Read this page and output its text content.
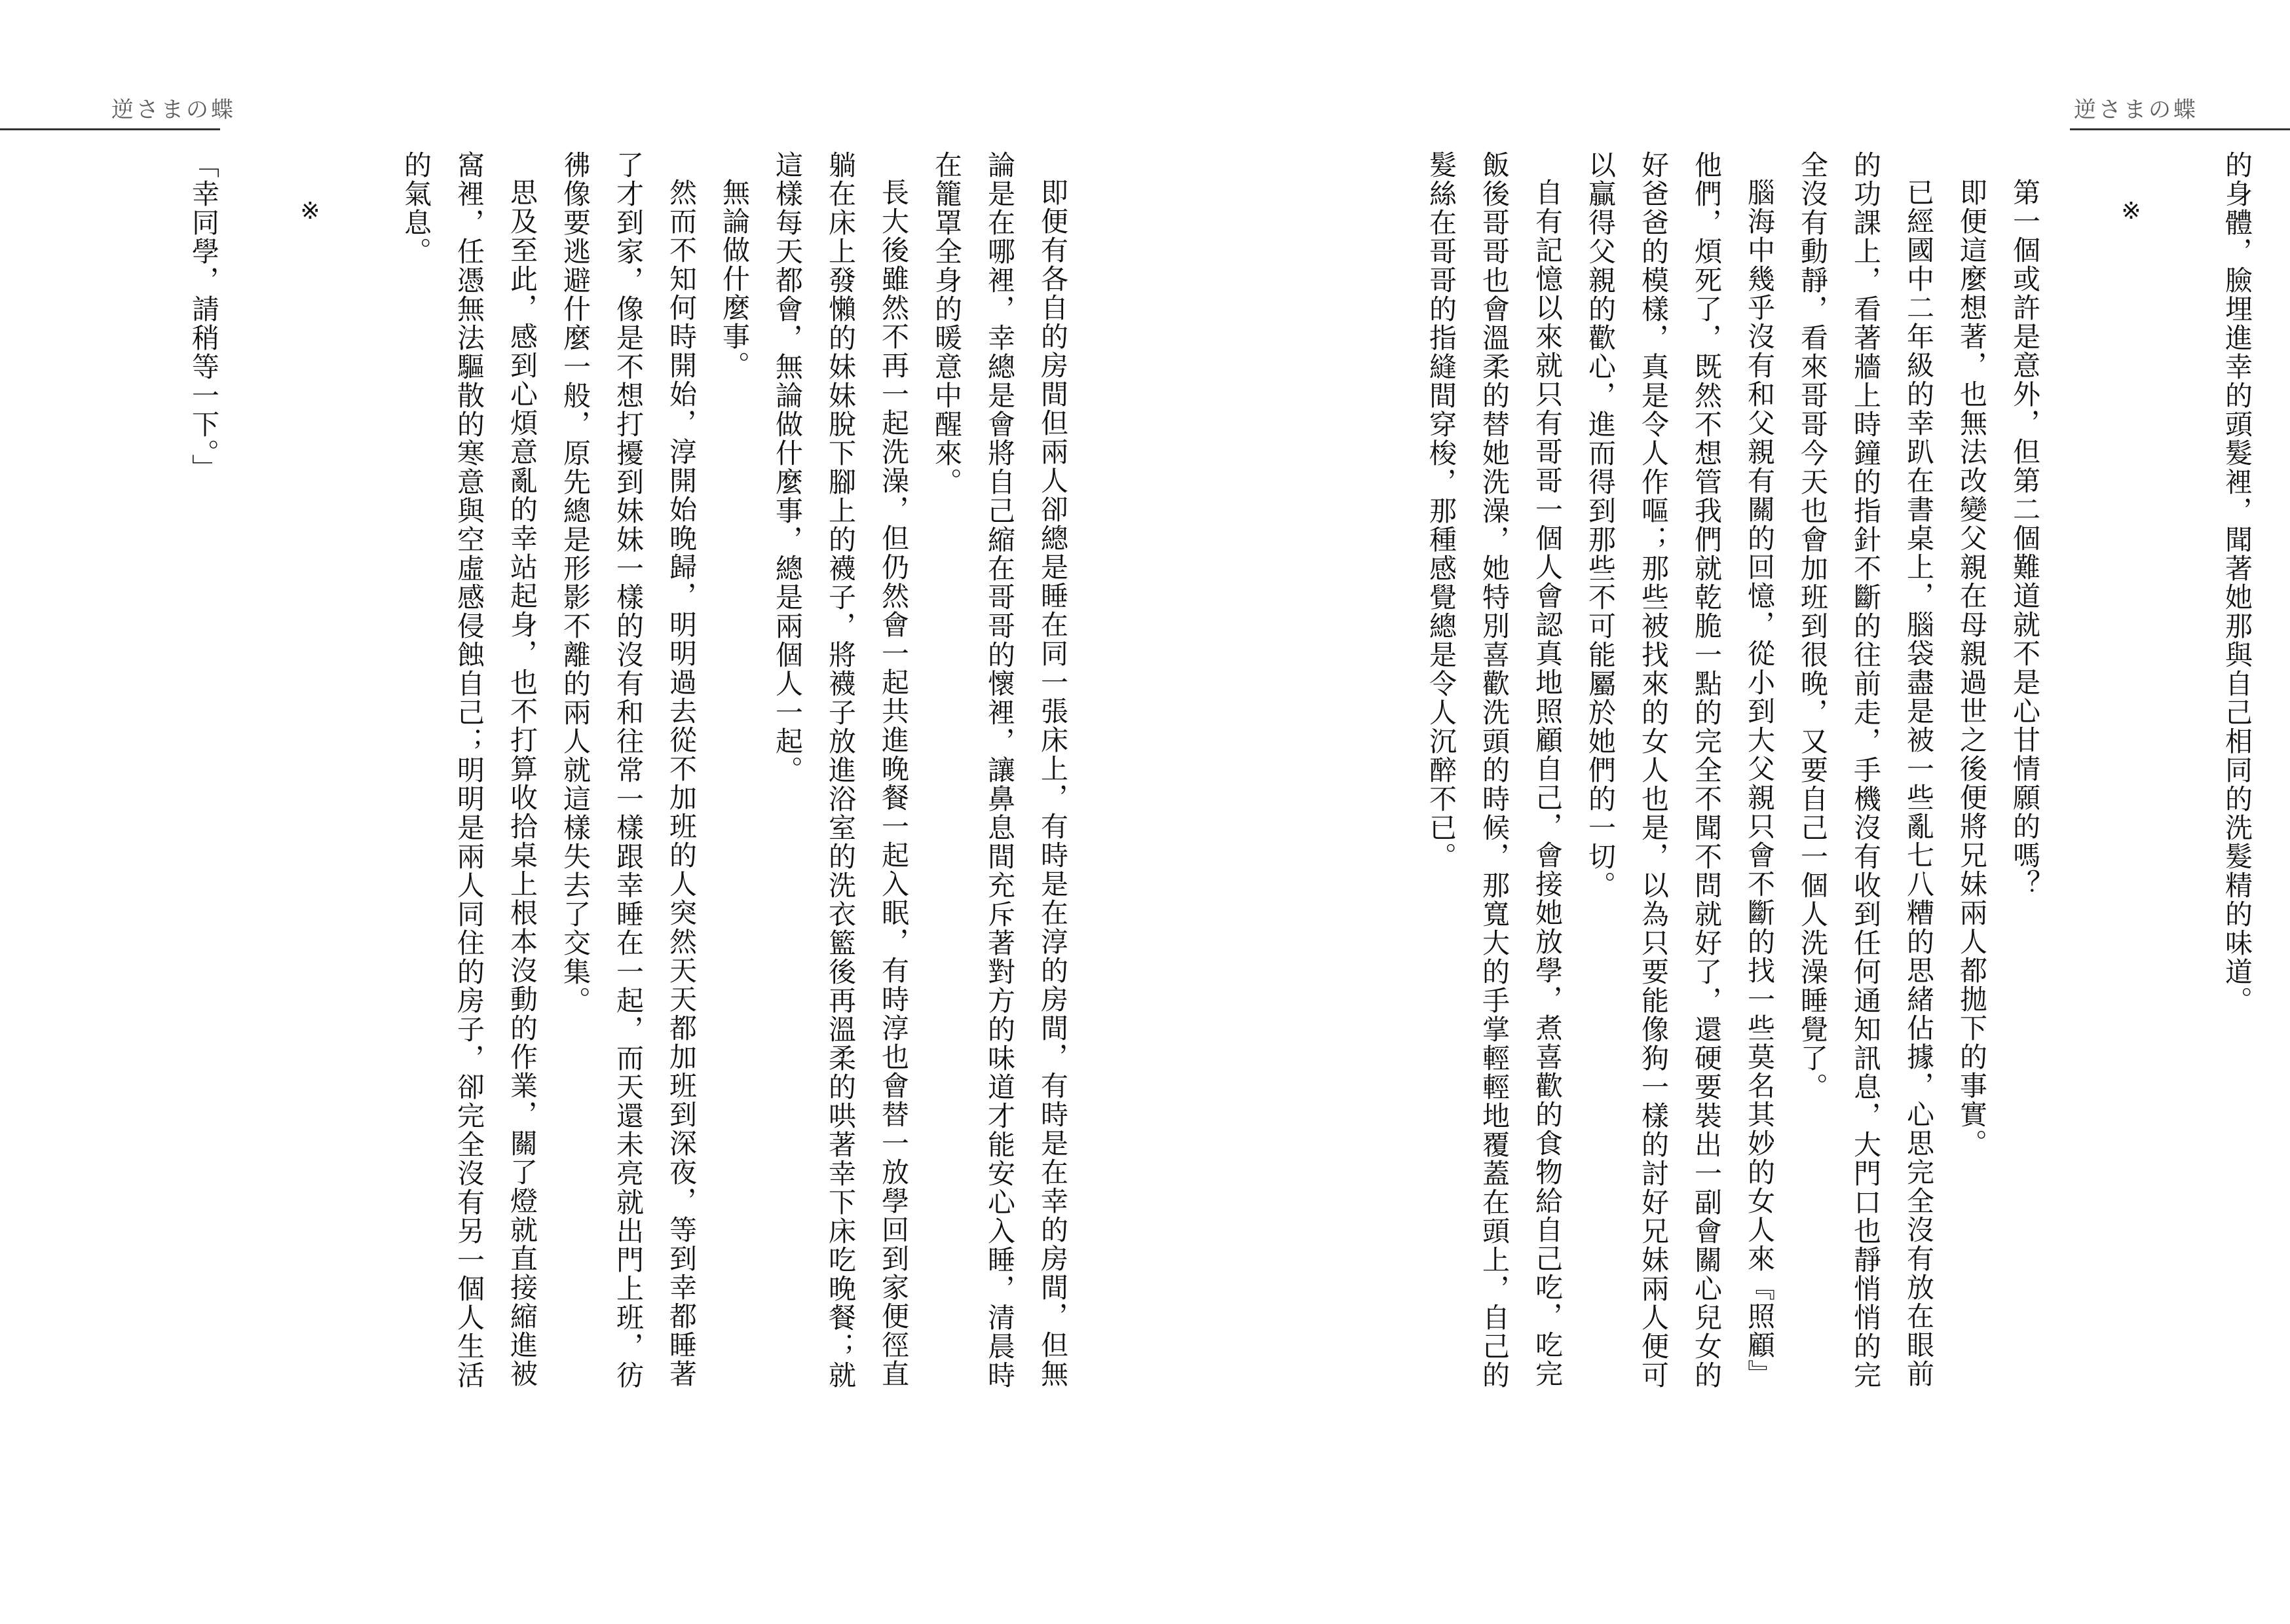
逆さまの蝶

的身體，臉埋進幸的頭髮裡，聞著她那與自己相同的洗髮精的味道。

※

第一個或許是意外，但第二個難道就不是心甘情願的嗎？

即便這麼想著，也無法改變父親在母親過世之後便將兄妹兩人都拋下的事實。

已經國中二年級的幸趴在書桌上，腦袋盡是被一些亂七八糟的思緒佔據，心思完全沒有放在眼前的功課上，看著牆上時鐘的指針不斷的往前走，手機沒有收到任何通知訊息，大門口也靜悄悄的完全沒有動靜，看來哥哥今天也會加班到很晚，又要自己一個人洗澡睡覺了。

腦海中幾乎沒有和父親有關的回憶，從小到大父親只會不斷的找一些莫名其妙的女人來『照顧』他們，煩死了，既然不想管我們就乾脆一點的完全不聞不問就好了，還硬要裝出一副會關心兒女的好爸爸的模樣，真是令人作嘔；那些被找來的女人也是，以為只要能像狗一樣的討好兄妹兩人便可以贏得父親的歡心，進而得到那些不可能屬於她們的一切。

自有記憶以來就只有哥哥一個人會認真地照顧自己，會接她放學，煮喜歡的食物給自己吃，吃完飯後哥哥也會溫柔的替她洗澡，她特別喜歡洗頭的時候，那寬大的手掌輕輕地覆蓋在頭上，自己的髮絲在哥哥的指縫間穿梭，那種感覺總是令人沉醉不已。

逆さまの蝶

即便有各自的房間但兩人卻總是睡在同一張床上，有時是在淳的房間，有時是在幸的房間，但無論是在哪裡，幸總是會將自己縮在哥哥的懷裡，讓鼻息間充斥著對方的味道才能安心入睡，清晨時在籠罩全身的暖意中醒來。

長大後雖然不再一起洗澡，但仍然會一起共進晚餐一起入眠，有時淳也會替一放學回到家便徑直躺在床上發懶的妹妹脫下腳上的襪子，將襪子放進浴室的洗衣籃後再溫柔的哄著幸下床吃晚餐；就這樣每天都會，無論做什麼事，總是兩個人一起。

無論做什麼事。

然而不知何時開始，淳開始晚歸，明明過去從不加班的人突然天天都加班到深夜，等到幸都睡著了才到家，像是不想打擾到妹妹一樣的沒有和往常一樣跟幸睡在一起，而天還未亮就出門上班，彷彿像要逃避什麼一般，原先總是形影不離的兩人就這樣失去了交集。

思及至此，感到心煩意亂的幸站起身，也不打算收拾桌上根本沒動的作業，關了燈就直接縮進被窩裡，任憑無法驅散的寒意與空虛感侵蝕自己；明明是兩人同住的房子，卻完全沒有另一個人生活的氣息。

※

「幸同學，請稍等一下。」
